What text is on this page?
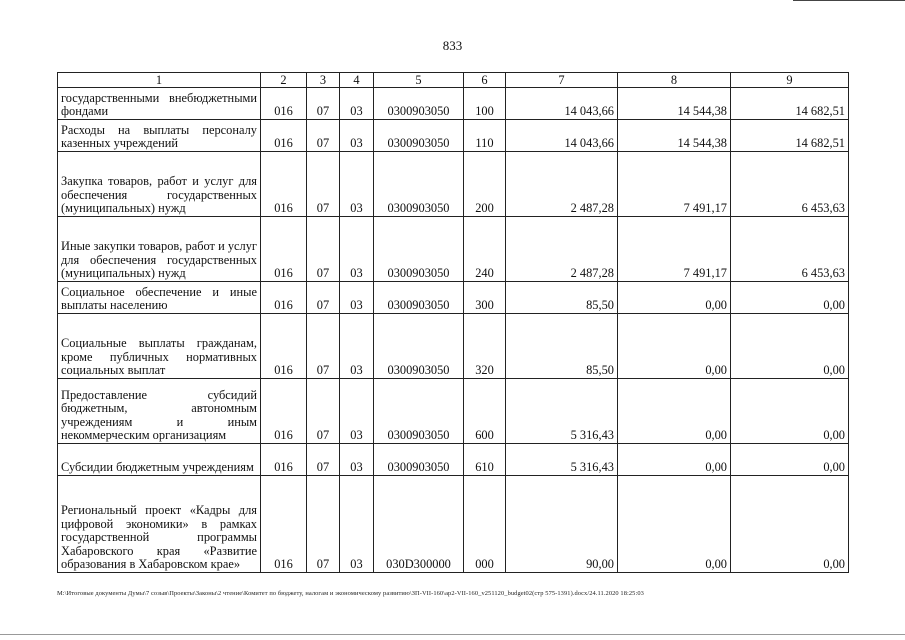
833
1	2	3	4	5	6	7	8	9
государственными внебюджетными фондами	016	07	03	0300903050	100	14 043,66	14 544,38	14 682,51
Расходы на выплаты персоналу казенных учреждений	016	07	03	0300903050	110	14 043,66	14 544,38	14 682,51
Закупка товаров, работ и услуг для обеспечения государственных (муниципальных) нужд	016	07	03	0300903050	200	2 487,28	7 491,17	6 453,63
Иные закупки товаров, работ и услуг для обеспечения государственных (муниципальных) нужд	016	07	03	0300903050	240	2 487,28	7 491,17	6 453,63
Социальное обеспечение и иные выплаты населению	016	07	03	0300903050	300	85,50	0,00	0,00
Социальные выплаты гражданам, кроме публичных нормативных социальных выплат	016	07	03	0300903050	320	85,50	0,00	0,00
Предоставление субсидий бюджетным, автономным учреждениям и иным некоммерческим организациям	016	07	03	0300903050	600	5 316,43	0,00	0,00
Субсидии бюджетным учреждениям	016	07	03	0300903050	610	5 316,43	0,00	0,00
Региональный проект «Кадры для цифровой экономики» в рамках государственной программы Хабаровского края «Развитие образования в Хабаровском крае»	016	07	03	030D300000	000	90,00	0,00	0,00
M:\Итоговые документы Думы\7 созыв\Проекты\Законы\2 чтение\Комитет по бюджету, налогам и экономическому развитию\ЗП-VII-160\ap2-VII-160_v251120_budget02(стр 575-1391).docx/24.11.2020 18:25:03
